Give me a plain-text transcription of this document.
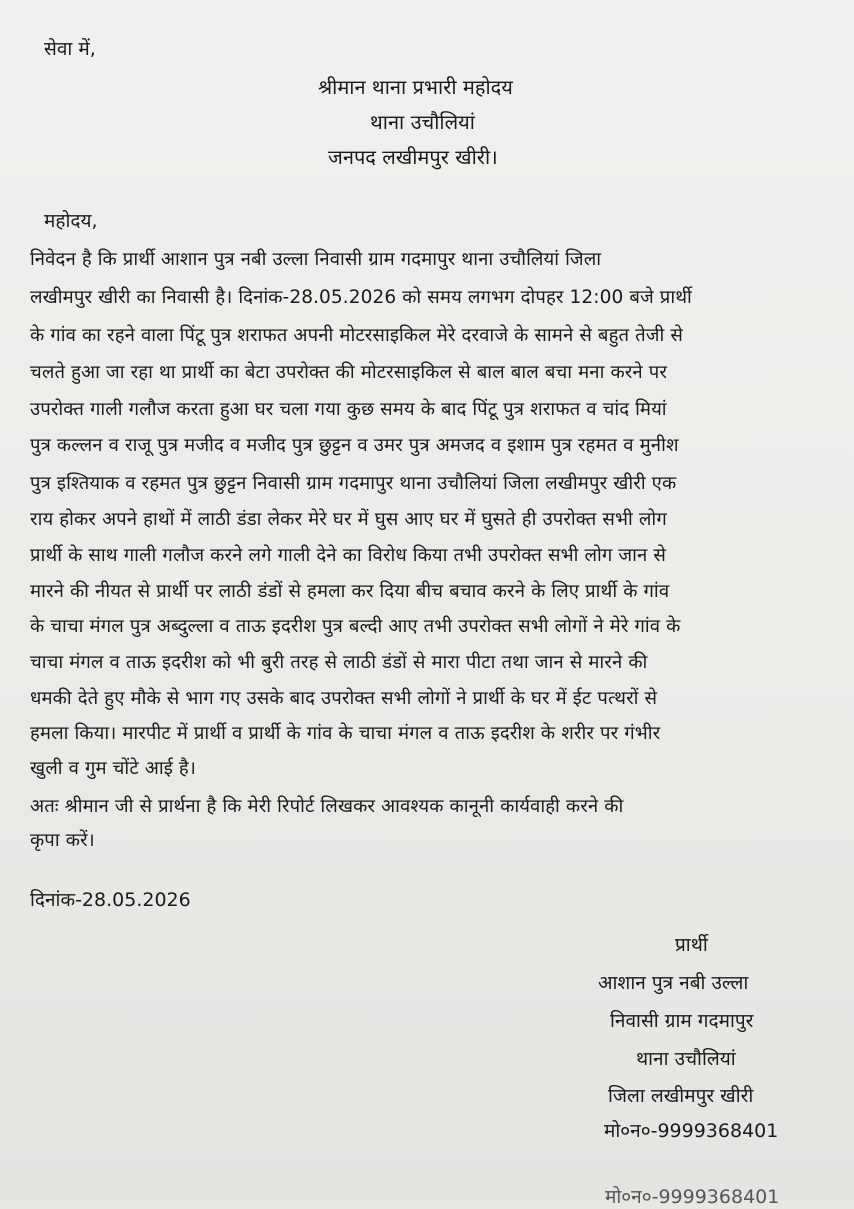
सेवा में,
श्रीमान थाना प्रभारी महोदय
थाना उचौलियां
जनपद लखीमपुर खीरी।
महोदय,
निवेदन है कि प्रार्थी आशान पुत्र नबी उल्ला निवासी ग्राम गदमापुर थाना उचौलियां जिला
लखीमपुर खीरी का निवासी है। दिनांक-28.05.2026 को समय लगभग दोपहर 12:00 बजे प्रार्थी
के गांव का रहने वाला पिंटू पुत्र शराफत अपनी मोटरसाइकिल मेरे दरवाजे के सामने से बहुत तेजी से
चलते हुआ जा रहा था प्रार्थी का बेटा उपरोक्त की मोटरसाइकिल से बाल बाल बचा मना करने पर
उपरोक्त गाली गलौज करता हुआ घर चला गया कुछ समय के बाद पिंटू पुत्र शराफत व चांद मियां
पुत्र कल्लन व राजू पुत्र मजीद व मजीद पुत्र छुट्टन व उमर पुत्र अमजद व इशाम पुत्र रहमत व मुनीश
पुत्र इश्तियाक व रहमत पुत्र छुट्टन निवासी ग्राम गदमापुर थाना उचौलियां जिला लखीमपुर खीरी एक
राय होकर अपने हाथों में लाठी डंडा लेकर मेरे घर में घुस आए घर में घुसते ही उपरोक्त सभी लोग
प्रार्थी के साथ गाली गलौज करने लगे गाली देने का विरोध किया तभी उपरोक्त सभी लोग जान से
मारने की नीयत से प्रार्थी पर लाठी डंडों से हमला कर दिया बीच बचाव करने के लिए प्रार्थी के गांव
के चाचा मंगल पुत्र अब्दुल्ला व ताऊ इदरीश पुत्र बल्दी आए तभी उपरोक्त सभी लोगों ने मेरे गांव के
चाचा मंगल व ताऊ इदरीश को भी बुरी तरह से लाठी डंडों से मारा पीटा तथा जान से मारने की
धमकी देते हुए मौके से भाग गए उसके बाद उपरोक्त सभी लोगों ने प्रार्थी के घर में ईट पत्थरों से
हमला किया। मारपीट में प्रार्थी व प्रार्थी के गांव के चाचा मंगल व ताऊ इदरीश के शरीर पर गंभीर
खुली व गुम चोंटे आई है।
अतः श्रीमान जी से प्रार्थना है कि मेरी रिपोर्ट लिखकर आवश्यक कानूनी कार्यवाही करने की
कृपा करें।
दिनांक-28.05.2026
प्रार्थी
आशान पुत्र नबी उल्ला
निवासी ग्राम गदमापुर
थाना उचौलियां
जिला लखीमपुर खीरी
मो०न०-9999368401
मो०न०-9999368401
